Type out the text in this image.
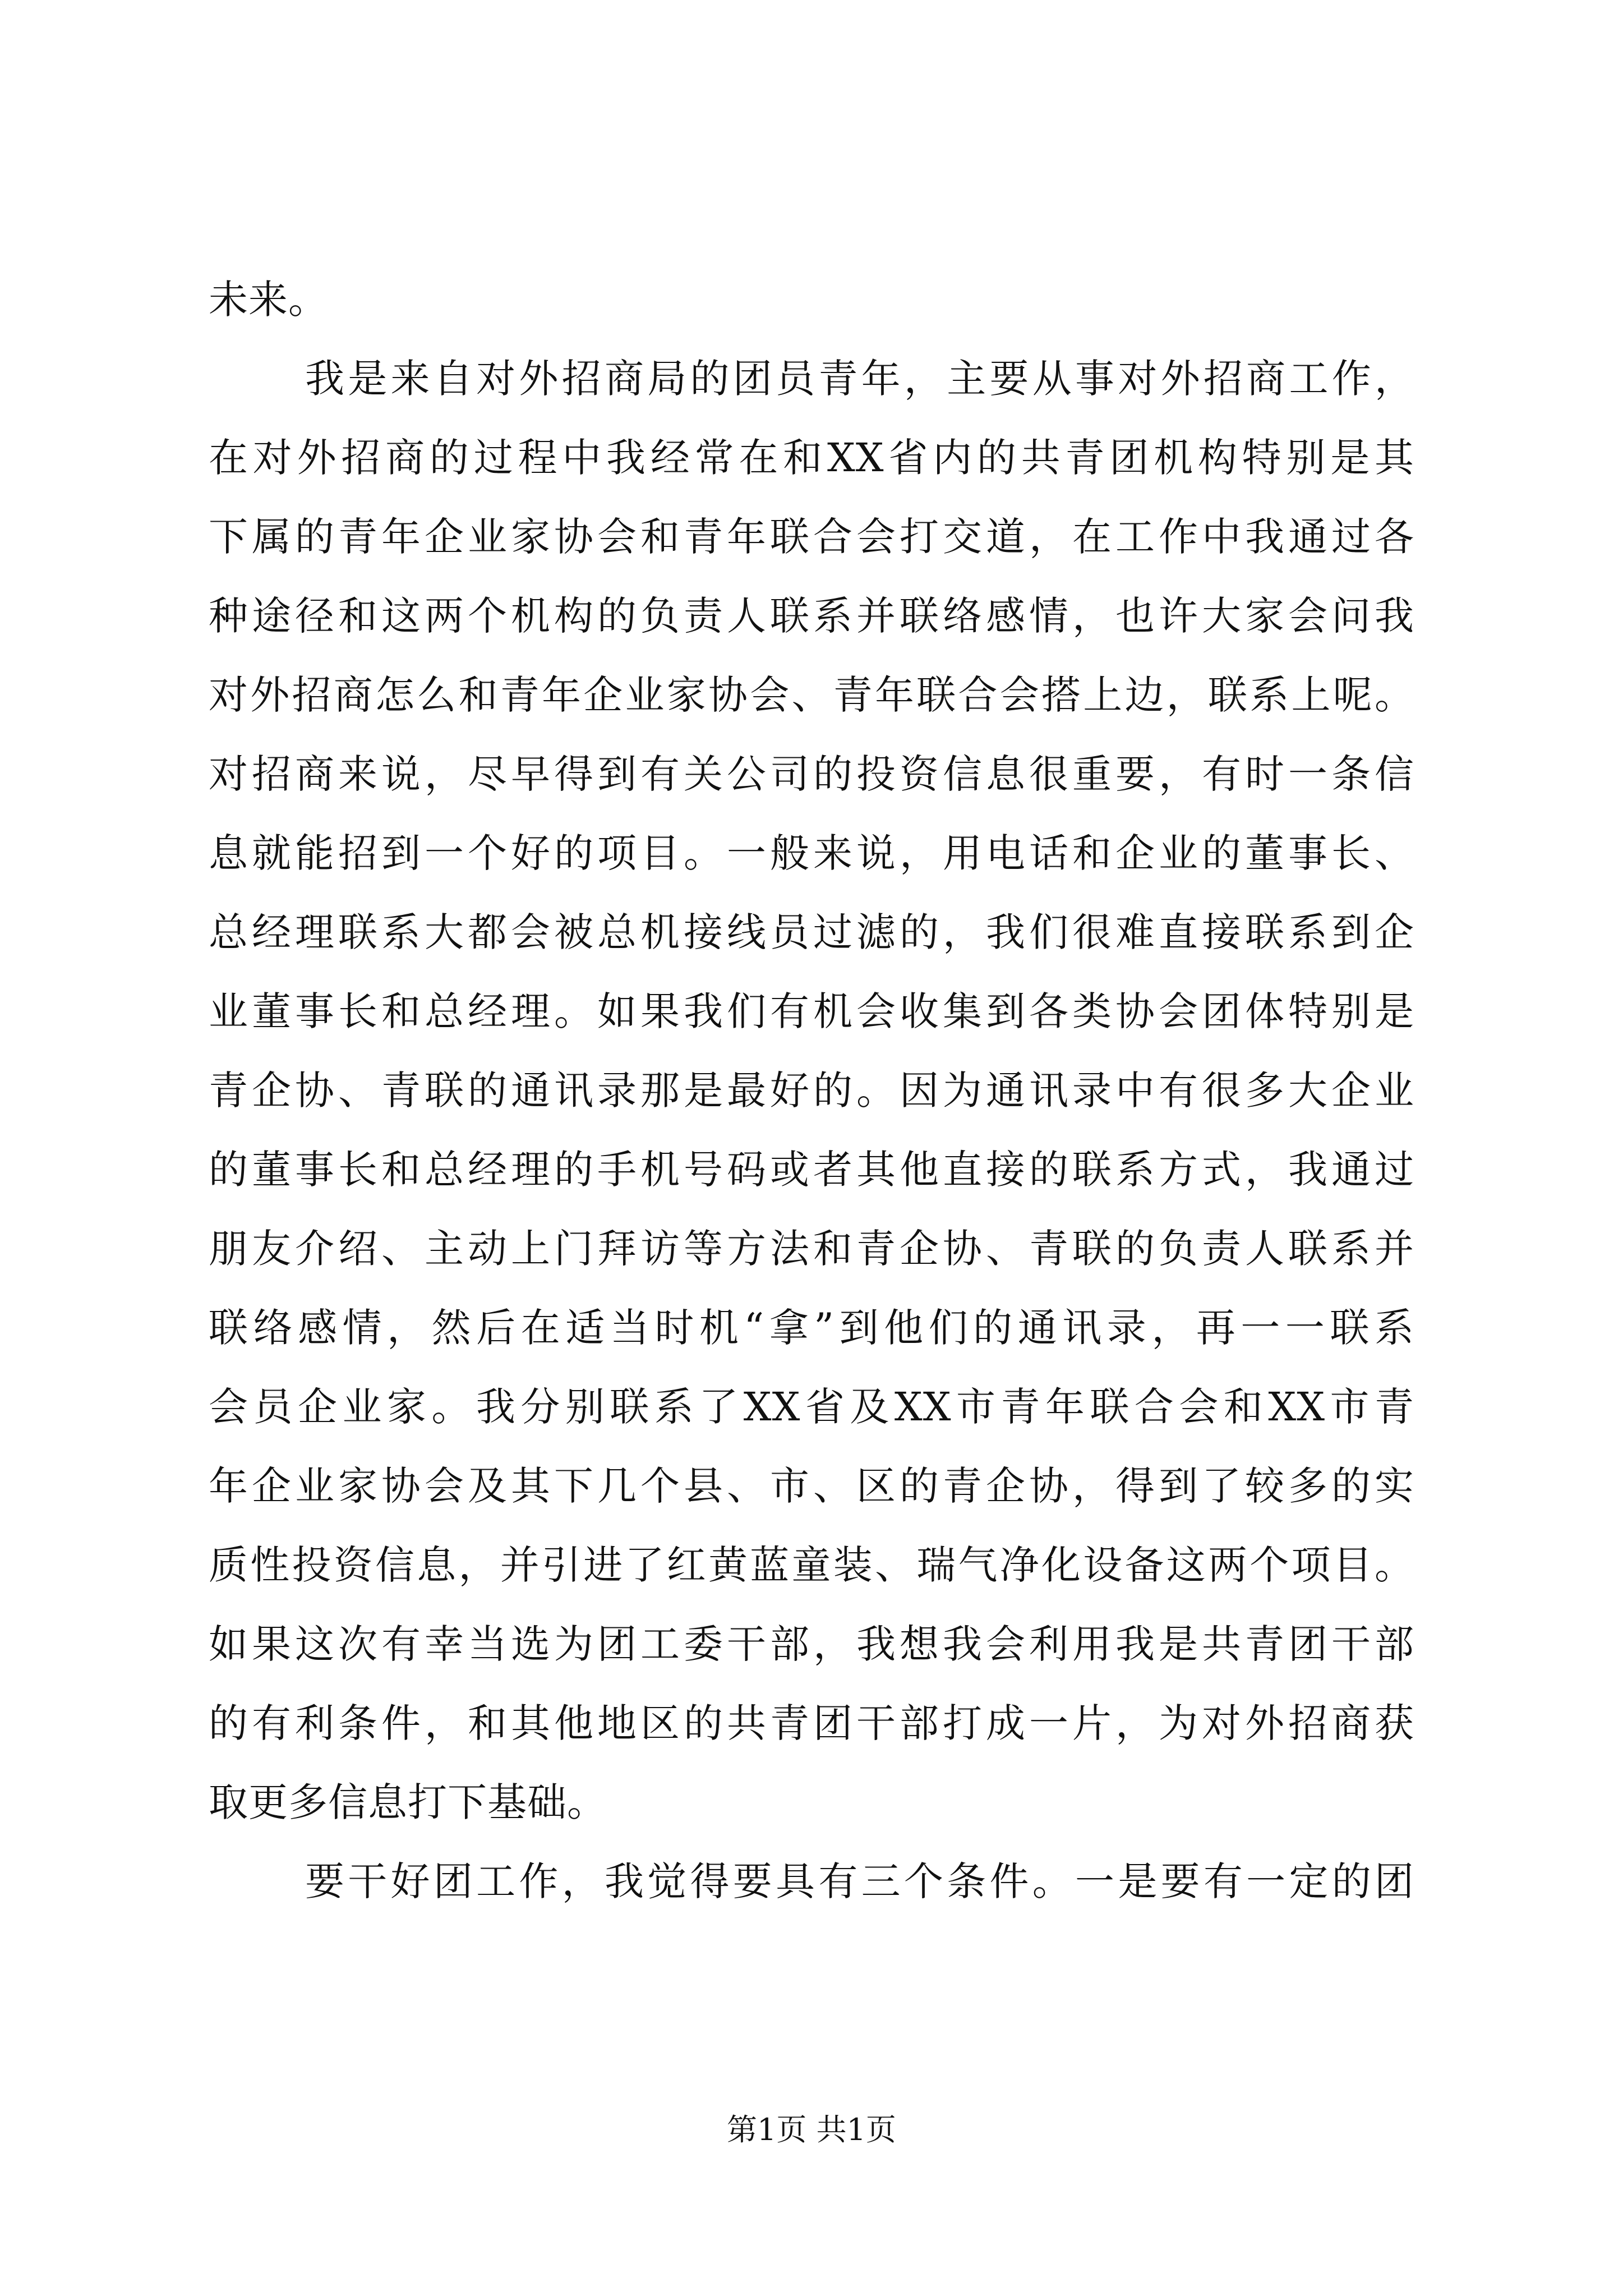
未来。
我是来自对外招商局的团员青年，主要从事对外招商工作，
在对外招商的过程中我经常在和XX省内的共青团机构特别是其
下属的青年企业家协会和青年联合会打交道，在工作中我通过各
种途径和这两个机构的负责人联系并联络感情，也许大家会问我
对外招商怎么和青年企业家协会、青年联合会搭上边，联系上呢。
对招商来说，尽早得到有关公司的投资信息很重要，有时一条信
息就能招到一个好的项目。一般来说，用电话和企业的董事长、
总经理联系大都会被总机接线员过滤的，我们很难直接联系到企
业董事长和总经理。如果我们有机会收集到各类协会团体特别是
青企协、青联的通讯录那是最好的。因为通讯录中有很多大企业
的董事长和总经理的手机号码或者其他直接的联系方式，我通过
朋友介绍、主动上门拜访等方法和青企协、青联的负责人联系并
联络感情，然后在适当时机“拿”到他们的通讯录，再一一联系
会员企业家。我分别联系了XX省及XX市青年联合会和XX市青
年企业家协会及其下几个县、市、区的青企协，得到了较多的实
质性投资信息，并引进了红黄蓝童装、瑞气净化设备这两个项目。
如果这次有幸当选为团工委干部，我想我会利用我是共青团干部
的有利条件，和其他地区的共青团干部打成一片，为对外招商获
取更多信息打下基础。
要干好团工作，我觉得要具有三个条件。一是要有一定的团
第1页 共1页
